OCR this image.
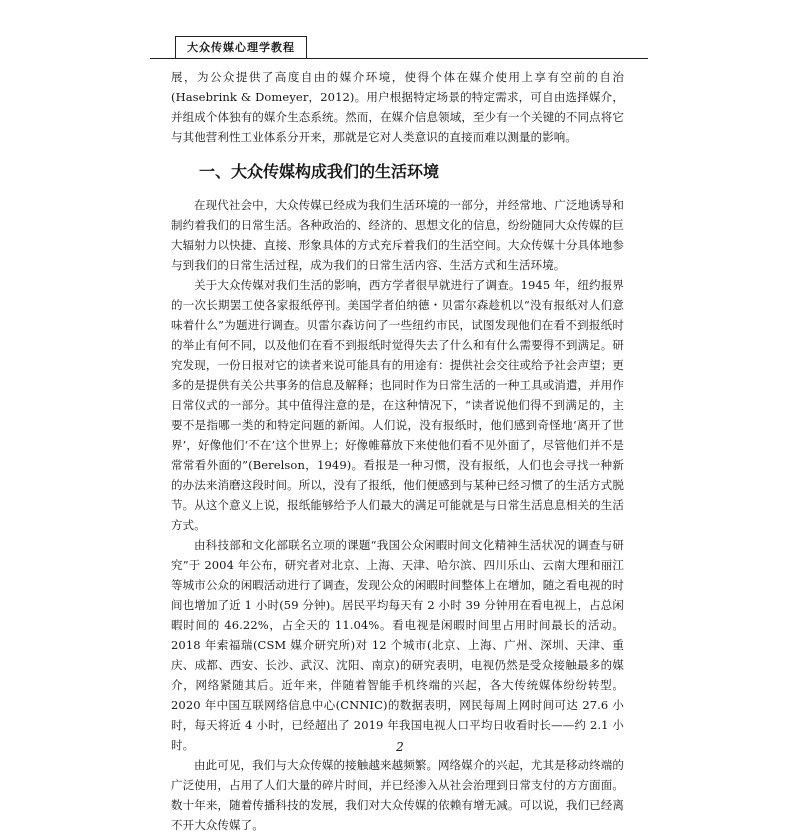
大众传媒心理学教程

展，为公众提供了高度自由的媒介环境，使得个体在媒介使用上享有空前的自治(Hasebrink & Domeyer，2012)。用户根据特定场景的特定需求，可自由选择媒介，并组成个体独有的媒介生态系统。然而，在媒介信息领域，至少有一个关键的不同点将它与其他营利性工业体系分开来，那就是它对人类意识的直接而难以测量的影响。

一、大众传媒构成我们的生活环境

在现代社会中，大众传媒已经成为我们生活环境的一部分，并经常地、广泛地诱导和制约着我们的日常生活。各种政治的、经济的、思想文化的信息，纷纷随同大众传媒的巨大辐射力以快捷、直接、形象具体的方式充斥着我们的生活空间。大众传媒十分具体地参与到我们的日常生活过程，成为我们的日常生活内容、生活方式和生活环境。

关于大众传媒对我们生活的影响，西方学者很早就进行了调查。1945 年，纽约报界的一次长期罢工使各家报纸停刊。美国学者伯纳德・贝雷尔森趁机以“没有报纸对人们意味着什么”为题进行调查。贝雷尔森访问了一些纽约市民，试图发现他们在看不到报纸时的举止有何不同，以及他们在看不到报纸时觉得失去了什么和有什么需要得不到满足。研究发现，一份日报对它的读者来说可能具有的用途有：提供社会交往或给予社会声望；更多的是提供有关公共事务的信息及解释；也同时作为日常生活的一种工具或消遣，并用作日常仪式的一部分。其中值得注意的是，在这种情况下，“读者说他们得不到满足的，主要不是指哪一类的和特定问题的新闻。人们说，没有报纸时，他们感到奇怪地‘离开了世界’，好像他们‘不在’这个世界上；好像帷幕放下来使他们看不见外面了，尽管他们并不是常常看外面的”(Berelson，1949)。看报是一种习惯，没有报纸，人们也会寻找一种新的办法来消磨这段时间。所以，没有了报纸，他们便感到与某种已经习惯了的生活方式脱节。从这个意义上说，报纸能够给予人们最大的满足可能就是与日常生活息息相关的生活方式。

由科技部和文化部联名立项的课题“我国公众闲暇时间文化精神生活状况的调查与研究”于 2004 年公布，研究者对北京、上海、天津、哈尔滨、四川乐山、云南大理和丽江等城市公众的闲暇活动进行了调查，发现公众的闲暇时间整体上在增加，随之看电视的时间也增加了近 1 小时(59 分钟)。居民平均每天有 2 小时 39 分钟用在看电视上，占总闲暇时间的 46.22%，占全天的 11.04%。看电视是闲暇时间里占用时间最长的活动。2018 年索福瑞(CSM 媒介研究所)对 12 个城市(北京、上海、广州、深圳、天津、重庆、成都、西安、长沙、武汉、沈阳、南京)的研究表明，电视仍然是受众接触最多的媒介，网络紧随其后。近年来，伴随着智能手机终端的兴起，各大传统媒体纷纷转型。2020 年中国互联网络信息中心(CNNIC)的数据表明，网民每周上网时间可达 27.6 小时，每天将近 4 小时，已经超出了 2019 年我国电视人口平均日收看时长——约 2.1 小时。

由此可见，我们与大众传媒的接触越来越频繁。网络媒介的兴起，尤其是移动终端的广泛使用，占用了人们大量的碎片时间，并已经渗入从社会治理到日常支付的方方面面。数十年来，随着传播科技的发展，我们对大众传媒的依赖有增无减。可以说，我们已经离不开大众传媒了。

2
